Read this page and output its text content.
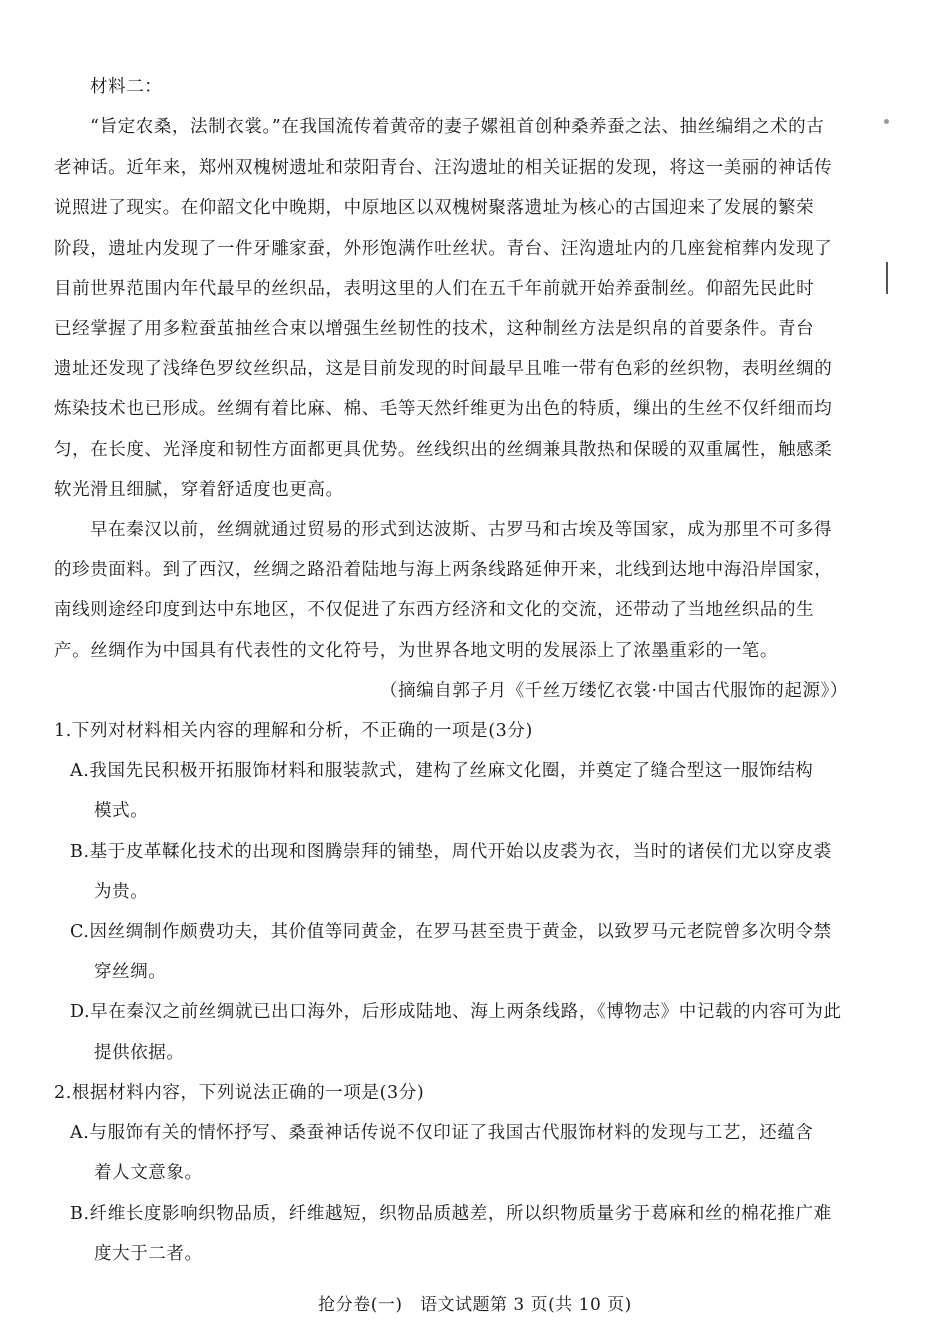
材料二：
“旨定农桑，法制衣裳。”在我国流传着黄帝的妻子嫘祖首创种桑养蚕之法、抽丝编绢之术的古
老神话。近年来，郑州双槐树遗址和荥阳青台、汪沟遗址的相关证据的发现，将这一美丽的神话传
说照进了现实。在仰韶文化中晚期，中原地区以双槐树聚落遗址为核心的古国迎来了发展的繁荣
阶段，遗址内发现了一件牙雕家蚕，外形饱满作吐丝状。青台、汪沟遗址内的几座瓮棺葬内发现了
目前世界范围内年代最早的丝织品，表明这里的人们在五千年前就开始养蚕制丝。仰韶先民此时
已经掌握了用多粒蚕茧抽丝合束以增强生丝韧性的技术，这种制丝方法是织帛的首要条件。青台
遗址还发现了浅绛色罗纹丝织品，这是目前发现的时间最早且唯一带有色彩的丝织物，表明丝绸的
炼染技术也已形成。丝绸有着比麻、棉、毛等天然纤维更为出色的特质，缫出的生丝不仅纤细而均
匀，在长度、光泽度和韧性方面都更具优势。丝线织出的丝绸兼具散热和保暖的双重属性，触感柔
软光滑且细腻，穿着舒适度也更高。
早在秦汉以前，丝绸就通过贸易的形式到达波斯、古罗马和古埃及等国家，成为那里不可多得
的珍贵面料。到了西汉，丝绸之路沿着陆地与海上两条线路延伸开来，北线到达地中海沿岸国家，
南线则途经印度到达中东地区，不仅促进了东西方经济和文化的交流，还带动了当地丝织品的生
产。丝绸作为中国具有代表性的文化符号，为世界各地文明的发展添上了浓墨重彩的一笔。
（摘编自郭子月《千丝万缕忆衣裳·中国古代服饰的起源》）
1.下列对材料相关内容的理解和分析，不正确的一项是(3分)
A.我国先民积极开拓服饰材料和服装款式，建构了丝麻文化圈，并奠定了缝合型这一服饰结构
模式。
B.基于皮革鞣化技术的出现和图腾崇拜的铺垫，周代开始以皮裘为衣，当时的诸侯们尤以穿皮裘
为贵。
C.因丝绸制作颇费功夫，其价值等同黄金，在罗马甚至贵于黄金，以致罗马元老院曾多次明令禁
穿丝绸。
D.早在秦汉之前丝绸就已出口海外，后形成陆地、海上两条线路，《博物志》中记载的内容可为此
提供依据。
2.根据材料内容，下列说法正确的一项是(3分)
A.与服饰有关的情怀抒写、桑蚕神话传说不仅印证了我国古代服饰材料的发现与工艺，还蕴含
着人文意象。
B.纤维长度影响织物品质，纤维越短，织物品质越差，所以织物质量劣于葛麻和丝的棉花推广难
度大于二者。
抢分卷(一)　语文试题第 3 页(共 10 页)
